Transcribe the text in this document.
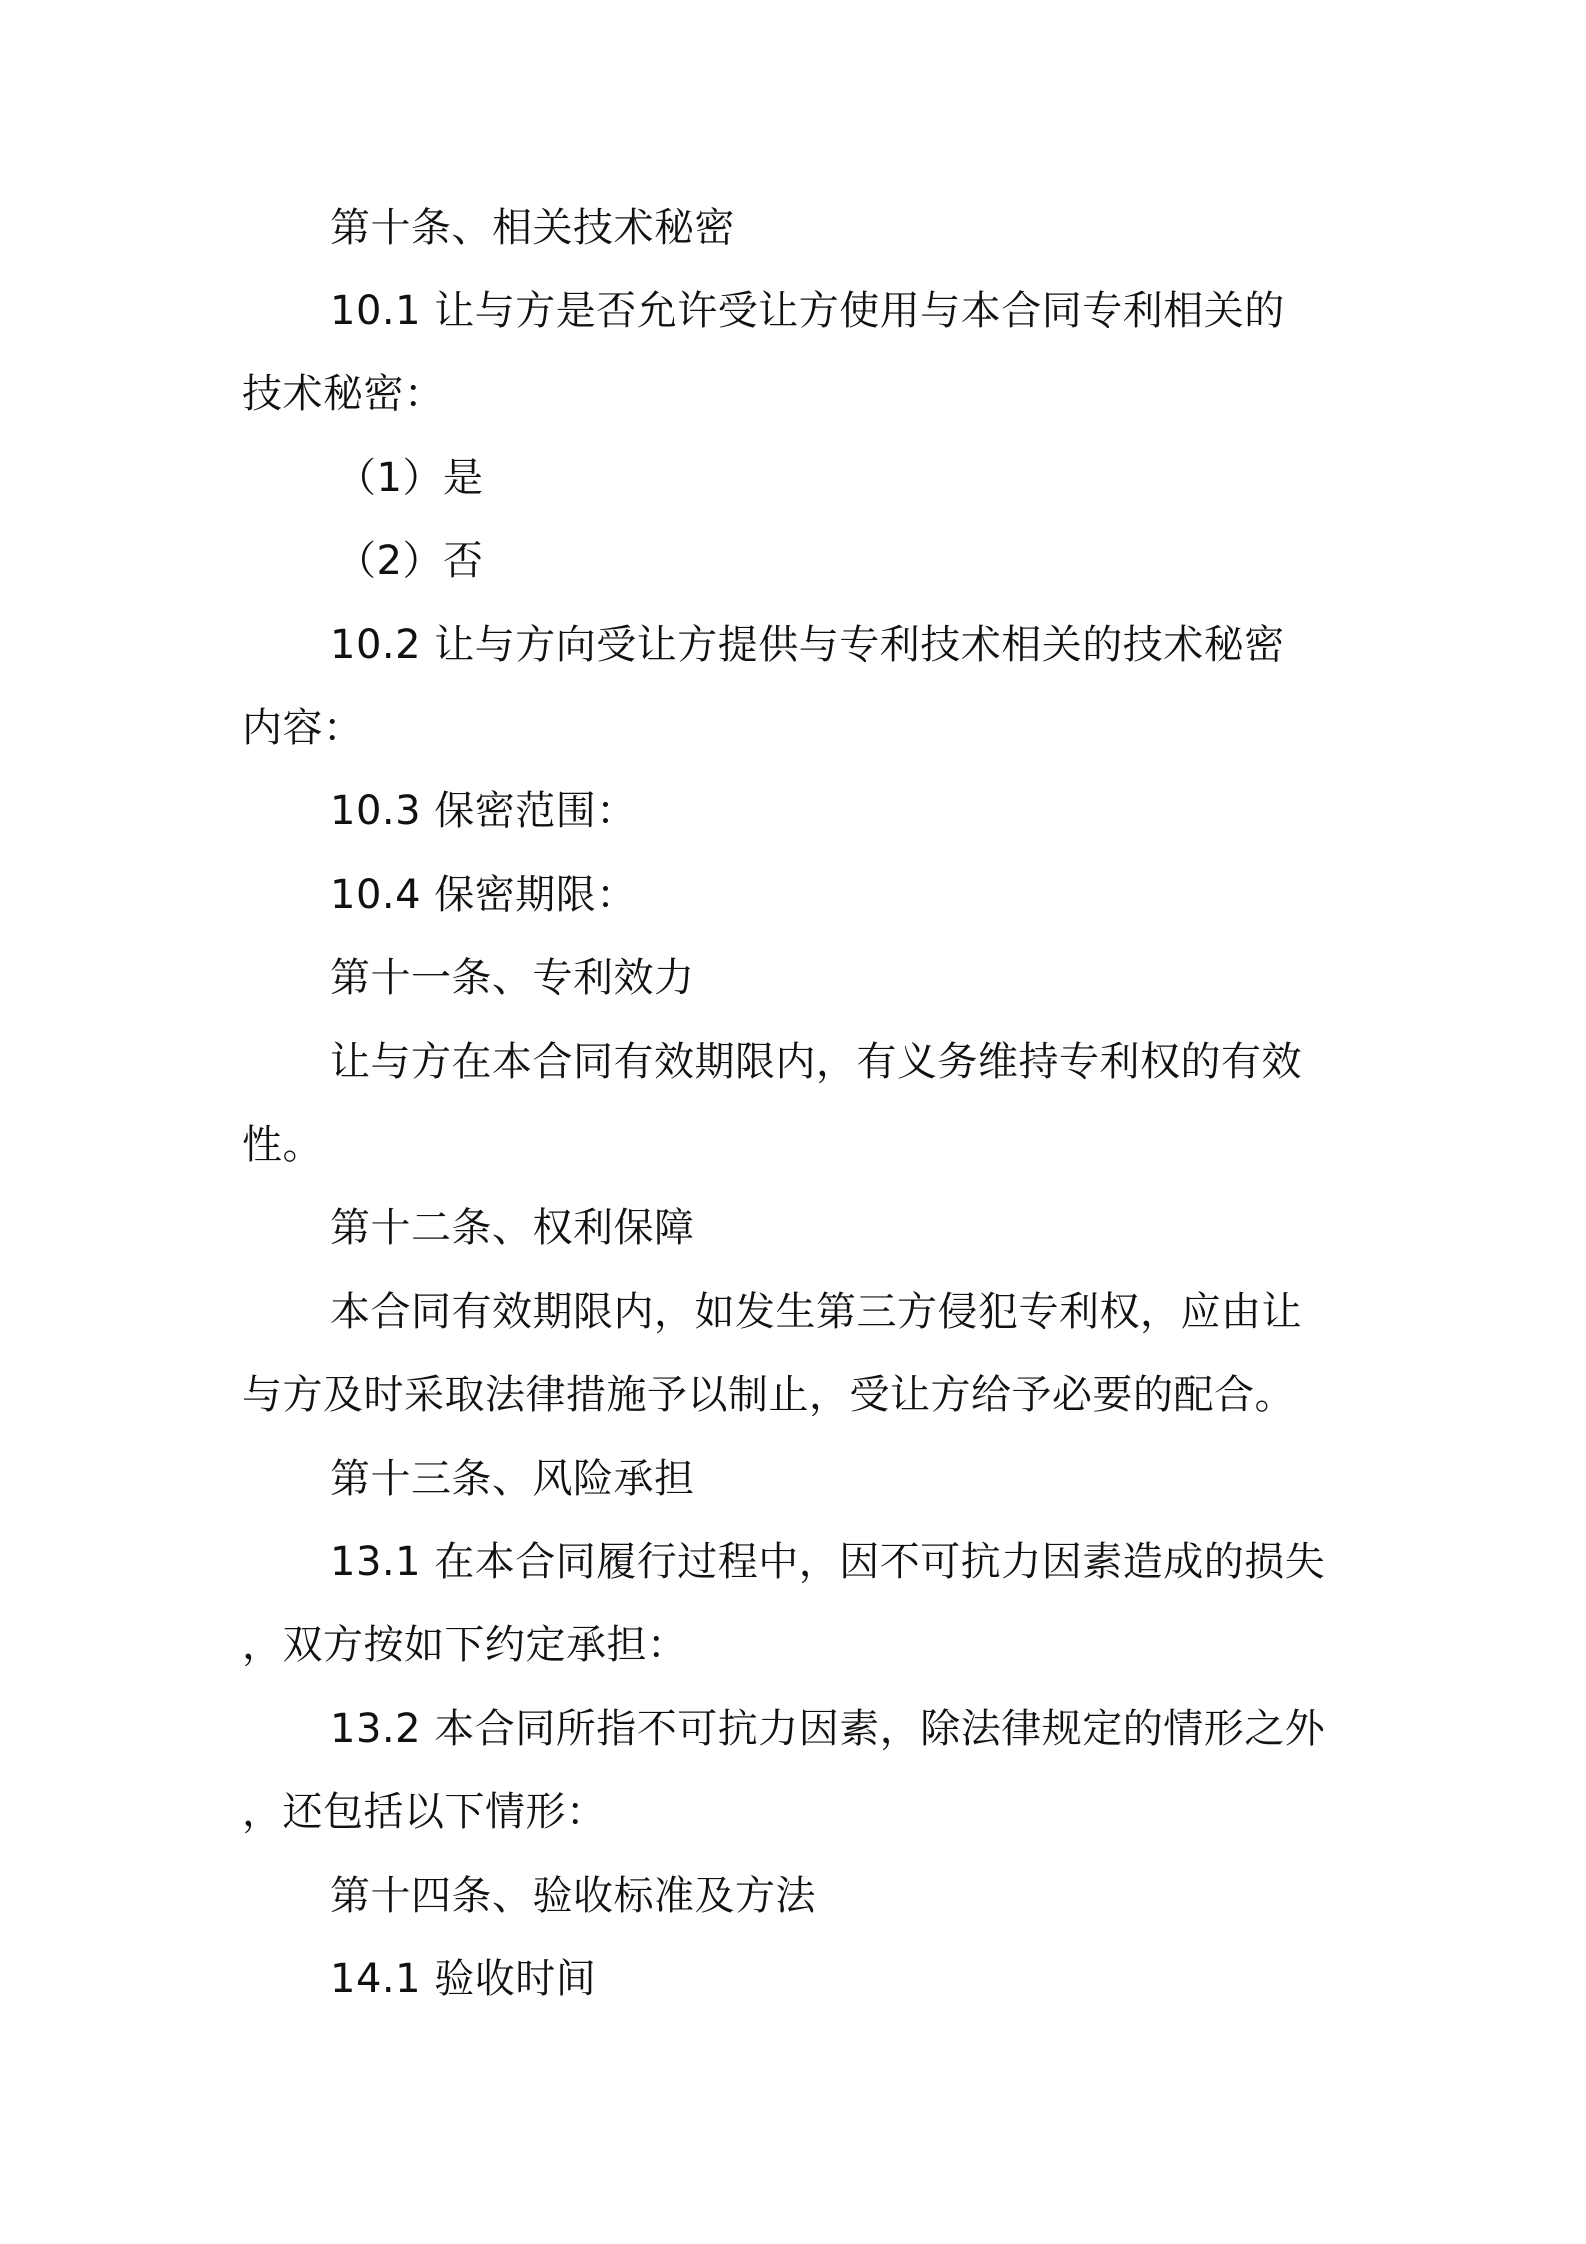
第十条、相关技术秘密
10.1 让与方是否允许受让方使用与本合同专利相关的
技术秘密：
（1）是
（2）否
10.2 让与方向受让方提供与专利技术相关的技术秘密
内容：
10.3 保密范围：
10.4 保密期限：
第十一条、专利效力
让与方在本合同有效期限内，有义务维持专利权的有效
性。
第十二条、权利保障
本合同有效期限内，如发生第三方侵犯专利权，应由让
与方及时采取法律措施予以制止，受让方给予必要的配合。
第十三条、风险承担
13.1 在本合同履行过程中，因不可抗力因素造成的损失
，双方按如下约定承担：
13.2 本合同所指不可抗力因素，除法律规定的情形之外
，还包括以下情形：
第十四条、验收标准及方法
14.1 验收时间
